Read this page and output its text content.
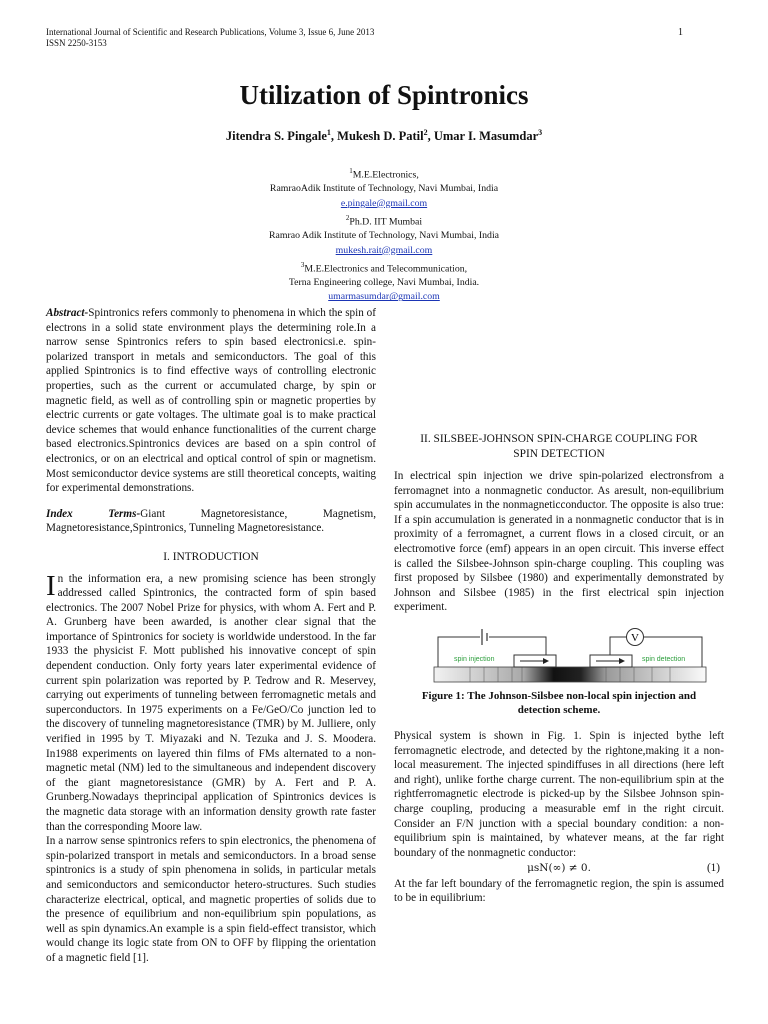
International Journal of Scientific and Research Publications, Volume 3, Issue 6, June 2013
ISSN 2250-3153
1
Utilization of Spintronics
Jitendra S. Pingale$^1$, Mukesh D. Patil$^2$, Umar I. Masumdar$^3$
$^1$M.E.Electronics,
RamraoAdik Institute of Technology, Navi Mumbai, India
e.pingale@gmail.com
$^2$Ph.D. IIT Mumbai
Ramrao Adik Institute of Technology, Navi Mumbai, India
mukesh.rait@gmail.com
$^3$M.E.Electronics and Telecommunication,
Terna Engineering college, Navi Mumbai, India.
umarmasumdar@gmail.com

Abstract-Spintronics refers commonly to phenomena in which the spin of electrons in a solid state environment plays the determining role.In a narrow sense Spintronics refers to spin based electronicsi.e. spin-polarized transport in metals and semiconductors. The goal of this applied Spintronics is to find effective ways of controlling electronic properties, such as the current or accumulated charge, by spin or magnetic field, as well as of controlling spin or magnetic properties by electric currents or gate voltages. The ultimate goal is to make practical device schemes that would enhance functionalities of the current charge based electronics.Spintronics devices are based on a spin control of electronics, or on an electrical and optical control of spin or magnetism. Most semiconductor device systems are still theoretical concepts, waiting for experimental demonstrations.

Index Terms-Giant Magnetoresistance, Magnetism, Magnetoresistance,Spintronics, Tunneling Magnetoresistance.

I. INTRODUCTION

In the information era, a new promising science has been strongly addressed called Spintronics, the contracted form of spin based electronics. The 2007 Nobel Prize for physics, with whom A. Fert and P. A. Grunberg have been awarded, is another clear signal that the importance of Spintronics for society is worldwide understood. In the far 1933 the physicist F. Mott published his innovative concept of spin dependent conduction. Only forty years later experimental evidence of current spin polarization was reported by P. Tedrow and R. Meservey, carrying out experiments of tunneling between ferromagnetic metals and superconductors. In 1975 experiments on a Fe/GeO/Co junction led to the discovery of tunneling magnetoresistance (TMR) by M. Julliere, only verified in 1995 by T. Miyazaki and N. Tezuka and J. S. Moodera. In1988 experiments on layered thin films of FMs alternated to a non-magnetic metal (NM) led to the simultaneous and independent discovery of the giant magnetoresistance (GMR) by A. Fert and P. A. Grunberg.Nowadays theprincipal application of Spintronics devices is the magnetic data storage with an information density growth rate faster than the corresponding Moore law.

In a narrow sense spintronics refers to spin electronics, the phenomena of spin-polarized transport in metals and semiconductors. In a broad sense spintronics is a study of spin phenomena in solids, in particular metals and semiconductors and semiconductor hetero-structures. Such studies characterize electrical, optical, and magnetic properties of solids due to the presence of equilibrium and non-equilibrium spin populations, as well as spin dynamics.An example is a spin field-effect transistor, which would change its logic state from ON to OFF by flipping the orientation of a magnetic field [1].

II. SILSBEE-JOHNSON SPIN-CHARGE COUPLING FOR SPIN DETECTION

In electrical spin injection we drive spin-polarized electronsfrom a ferromagnet into a nonmagnetic conductor. As aresult, non-equilibrium spin accumulates in the nonmagneticconductor. The opposite is also true: If a spin accumulation is generated in a nonmagnetic conductor that is in proximity of a ferromagnet, a current flows in a closed circuit, or an electromotive force (emf) appears in an open circuit. This inverse effect is called the Silsbee-Johnson spin-charge coupling. This coupling was first proposed by Silsbee (1980) and experimentally demonstrated by Johnson and Silsbee (1985) in the first electrical spin injection experiment.

V
spin injection	spin detection
Figure 1: The Johnson-Silsbee non-local spin injection and detection scheme.

Physical system is shown in Fig. 1. Spin is injected bythe left ferromagnetic electrode, and detected by the rightone,making it a non-local measurement. The injected spindiffuses in all directions (here left and right), unlike forthe charge current. The non-equilibrium spin at the rightferromagnetic electrode is picked-up by the Silsbee Johnson spin-charge coupling, producing a measurable emf in the right circuit. Consider an F/N junction with a special boundary condition: a non-equilibrium spin is maintained, by whatever means, at the far right boundary of the nonmagnetic conductor:

μsN(∞) ≠ 0.	(1)

At the far left boundary of the ferromagnetic region, the spin is assumed to be in equilibrium:
